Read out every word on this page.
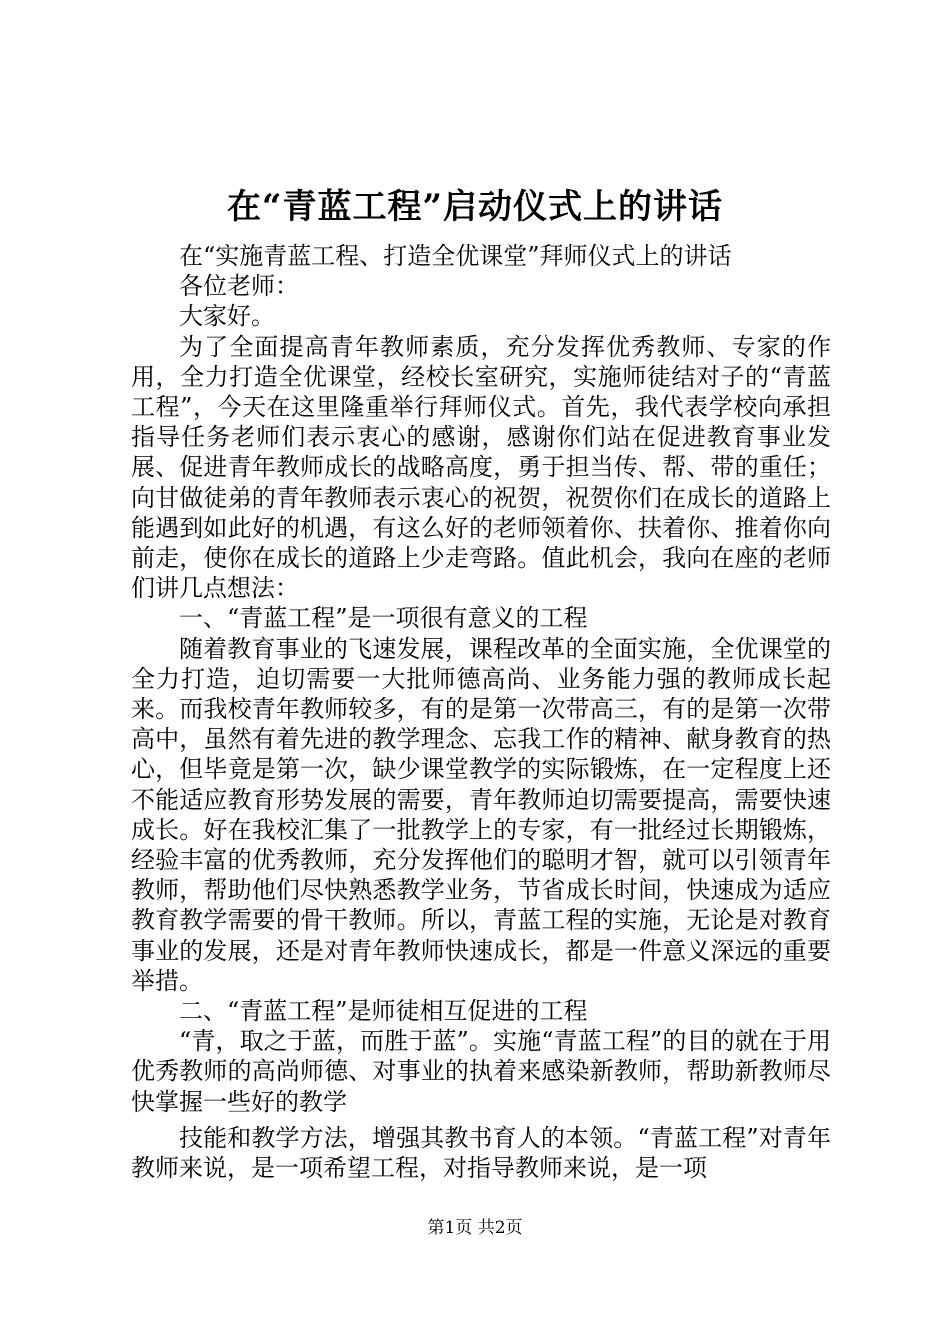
在“青蓝工程”启动仪式上的讲话

在“实施青蓝工程、打造全优课堂”拜师仪式上的讲话

各位老师：

大家好。

为了全面提高青年教师素质，充分发挥优秀教师、专家的作用，全力打造全优课堂，经校长室研究，实施师徒结对子的“青蓝工程”，今天在这里隆重举行拜师仪式。首先，我代表学校向承担指导任务老师们表示衷心的感谢，感谢你们站在促进教育事业发展、促进青年教师成长的战略高度，勇于担当传、帮、带的重任；向甘做徒弟的青年教师表示衷心的祝贺，祝贺你们在成长的道路上能遇到如此好的机遇，有这么好的老师领着你、扶着你、推着你向前走，使你在成长的道路上少走弯路。值此机会，我向在座的老师们讲几点想法：

一、“青蓝工程”是一项很有意义的工程

随着教育事业的飞速发展，课程改革的全面实施，全优课堂的全力打造，迫切需要一大批师德高尚、业务能力强的教师成长起来。而我校青年教师较多，有的是第一次带高三，有的是第一次带高中，虽然有着先进的教学理念、忘我工作的精神、献身教育的热心，但毕竟是第一次，缺少课堂教学的实际锻炼，在一定程度上还不能适应教育形势发展的需要，青年教师迫切需要提高，需要快速成长。好在我校汇集了一批教学上的专家，有一批经过长期锻炼，经验丰富的优秀教师，充分发挥他们的聪明才智，就可以引领青年教师，帮助他们尽快熟悉教学业务，节省成长时间，快速成为适应教育教学需要的骨干教师。所以，青蓝工程的实施，无论是对教育事业的发展，还是对青年教师快速成长，都是一件意义深远的重要举措。

二、“青蓝工程”是师徒相互促进的工程

“青，取之于蓝，而胜于蓝”。实施“青蓝工程”的目的就在于用优秀教师的高尚师德、对事业的执着来感染新教师，帮助新教师尽快掌握一些好的教学

技能和教学方法，增强其教书育人的本领。“青蓝工程”对青年教师来说，是一项希望工程，对指导教师来说，是一项

第1页 共2页
